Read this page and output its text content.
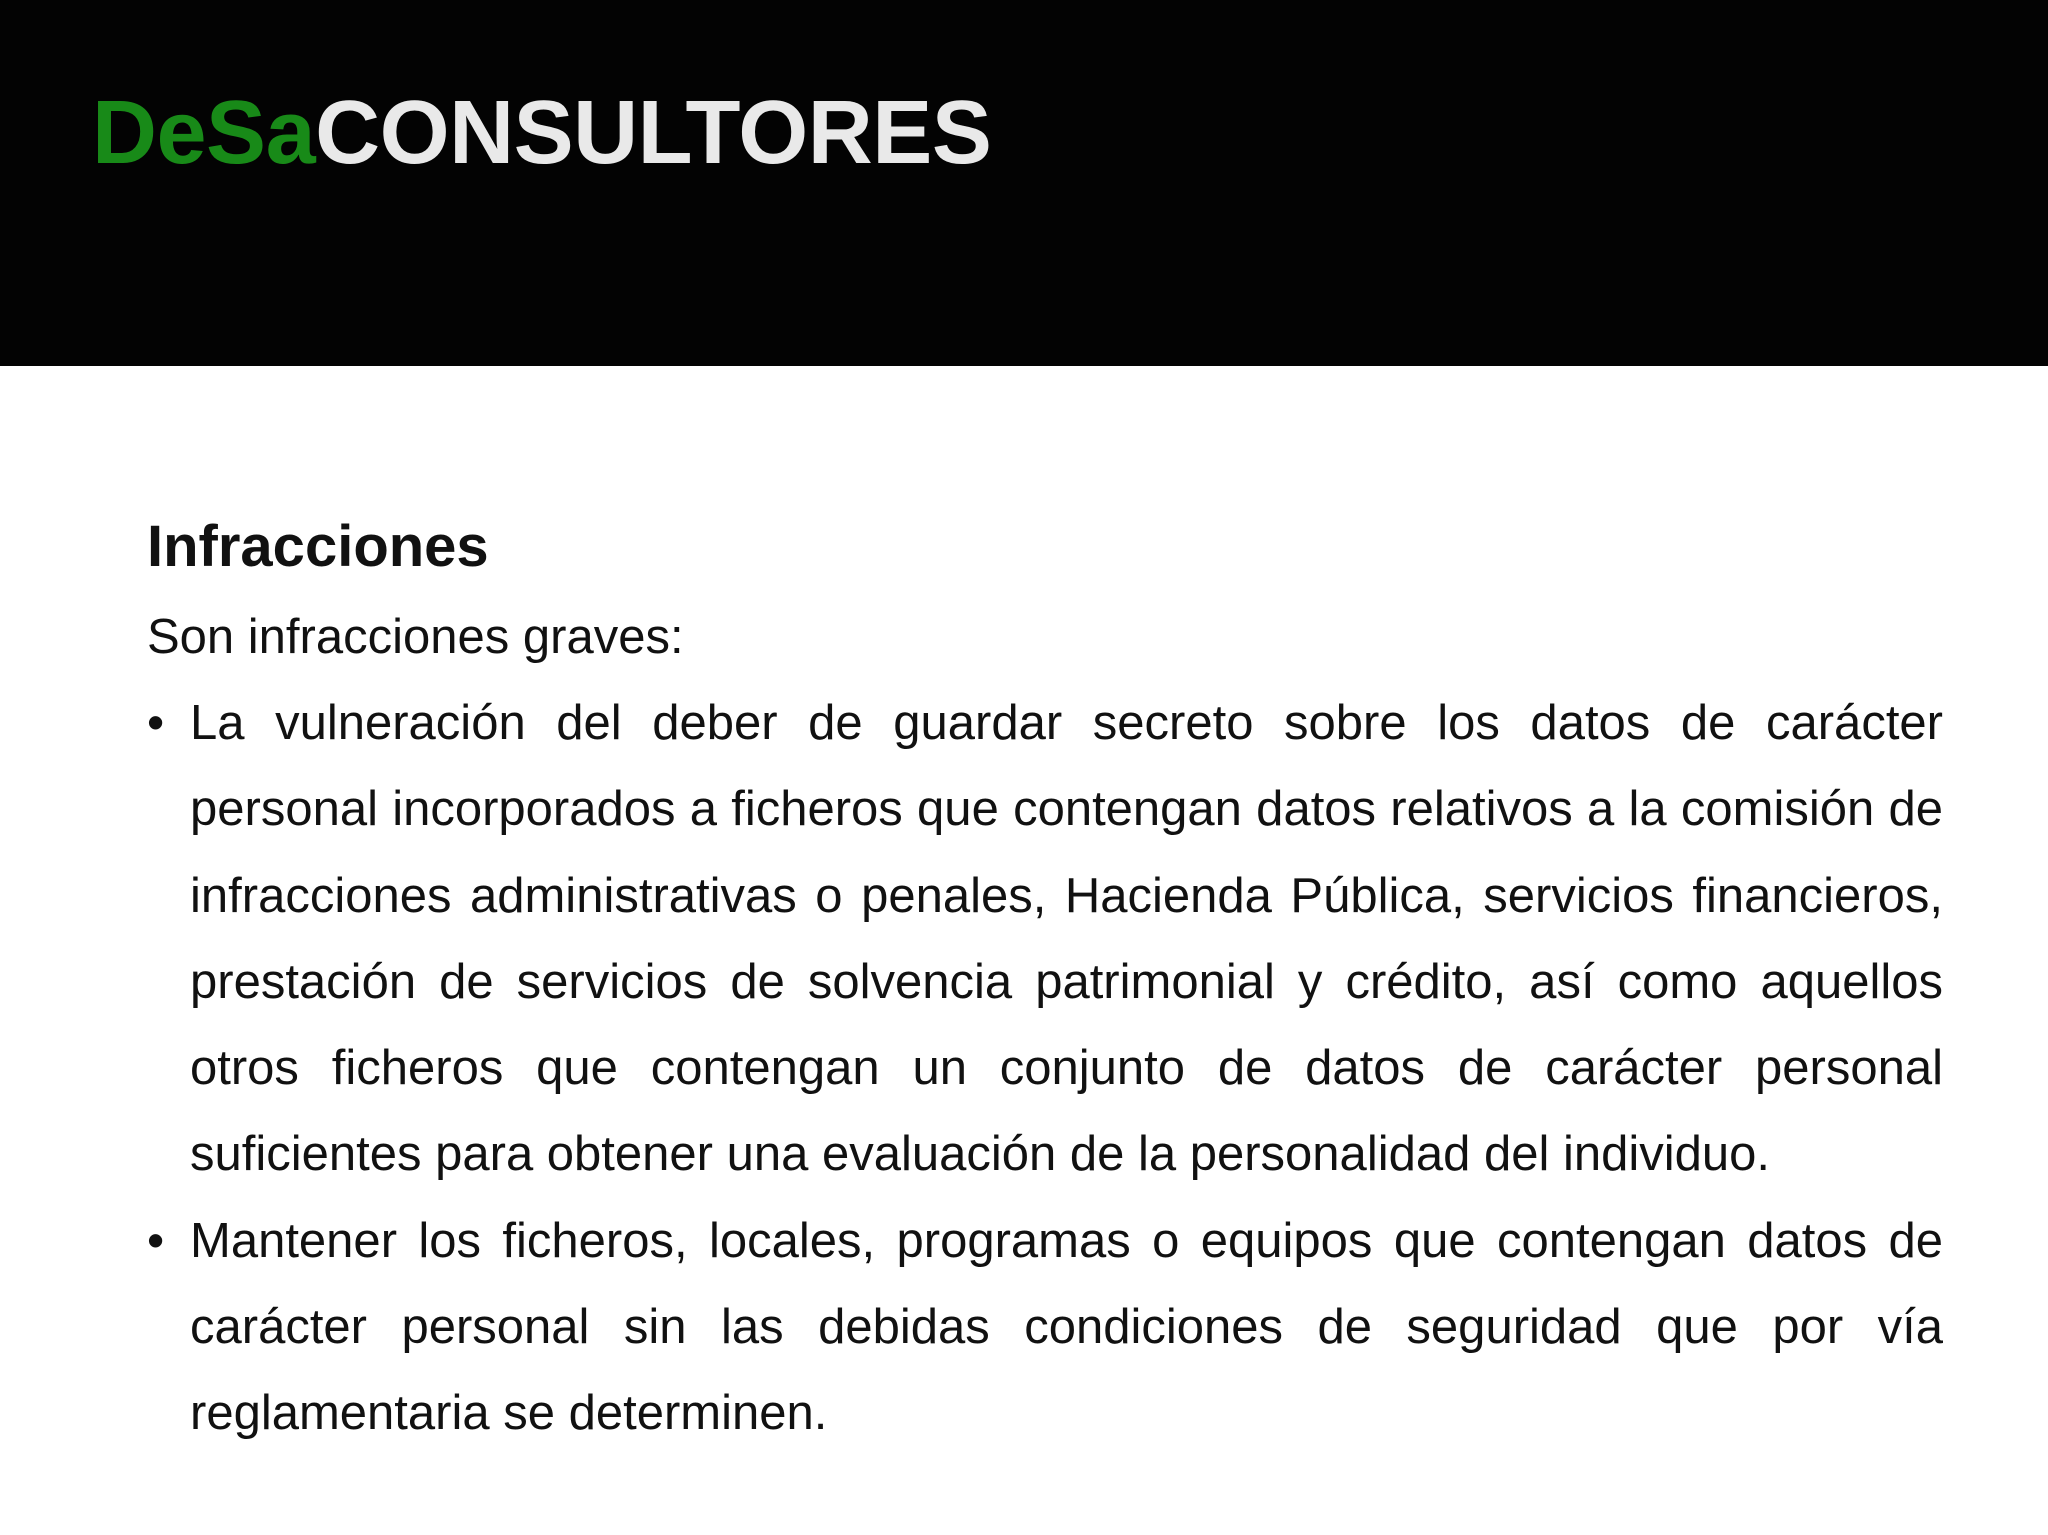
DeSaCONSULTORES
Infracciones

Son infracciones graves:

• La vulneración del deber de guardar secreto sobre los datos de carácter personal incorporados a ficheros que contengan datos relativos a la comisión de infracciones administrativas o penales, Hacienda Pública, servicios financieros, prestación de servicios de solvencia patrimonial y crédito, así como aquellos otros ficheros que contengan un conjunto de datos de carácter personal suficientes para obtener una evaluación de la personalidad del individuo.
• Mantener los ficheros, locales, programas o equipos que contengan datos de carácter personal sin las debidas condiciones de seguridad que por vía reglamentaria se determinen.
